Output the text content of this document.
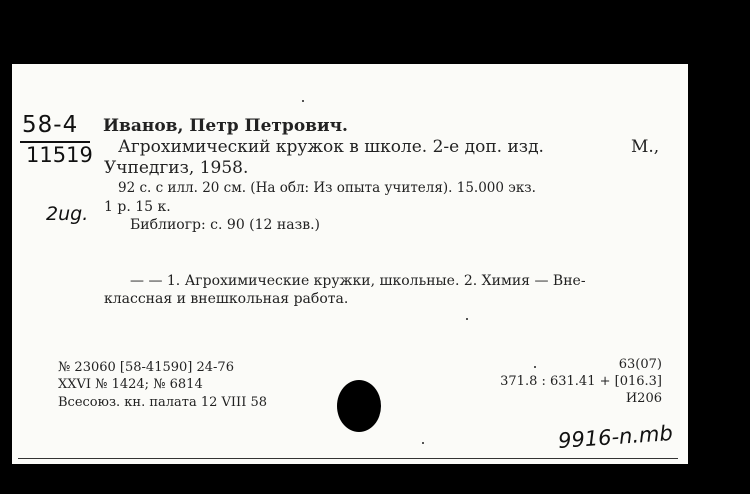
58-4
11519
Иванов, Петр Петрович.
Агрохимический кружок в школе. 2-е доп. изд.	М.,
Учпедгиз, 1958.
92 с. с илл. 20 см. (На обл: Из опыта учителя). 15.000 экз.
2ug. 1 р. 15 к.
Библиогр: с. 90 (12 назв.)
— — 1. Агрохимические кружки, школьные. 2. Химия — Вне-
классная и внешкольная работа.
№ 23060 [58-41590] 24-76
XXVI № 1424; № 6814
Всесоюз. кн. палата 12 VIII 58
63(07)
371.8 : 631.41 + [016.3]
И206
9916-n.mb
